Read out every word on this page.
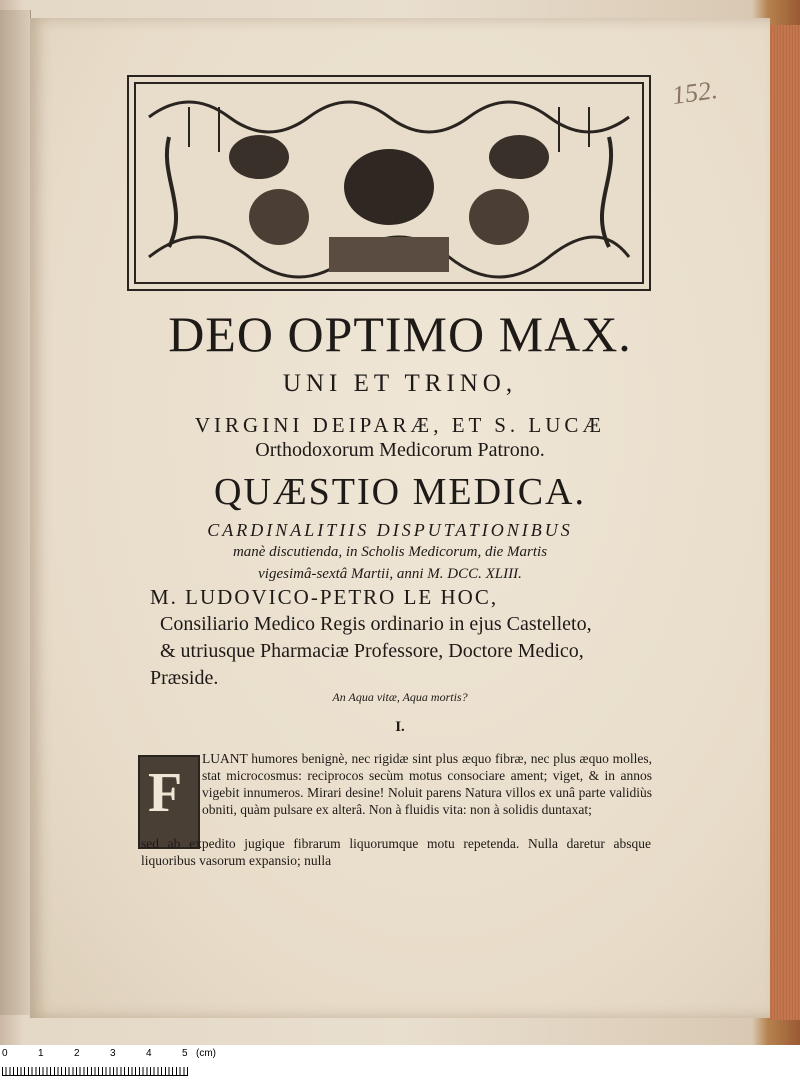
152.
DEO OPTIMO MAX.
UNI ET TRINO,
VIRGINI DEIPARÆ, ET S. LUCÆ
Orthodoxorum Medicorum Patrono.
QUÆSTIO MEDICA.
CARDINALITIIS DISPUTATIONIBUS
manè discutienda, in Scholis Medicorum, die Martis
vigesimâ-sextâ Martii, anni M. DCC. XLIII.
M. LUDOVICO-PETRO LE HOC,
Consiliario Medico Regis ordinario in ejus Castelleto,
& utriusque Pharmaciæ Professore, Doctore Medico,
Præside.
An Aqua vitæ, Aqua mortis?
I.
F
LUANT humores benignè, nec rigidæ sint plus æquo fibræ, nec plus æquo molles, stat microcosmus: reciprocos secùm motus consociare ament; viget, & in annos vigebit innumeros. Mirari desine! Noluit parens Natura villos ex unâ parte validiùs obniti, quàm pulsare ex alterâ. Non à fluidis vita: non à solidis duntaxat;
sed ab expedito jugique fibrarum liquorumque motu repetenda. Nulla daretur absque liquoribus vasorum expansio; nulla
0	1	2	3	4	5 (cm)
